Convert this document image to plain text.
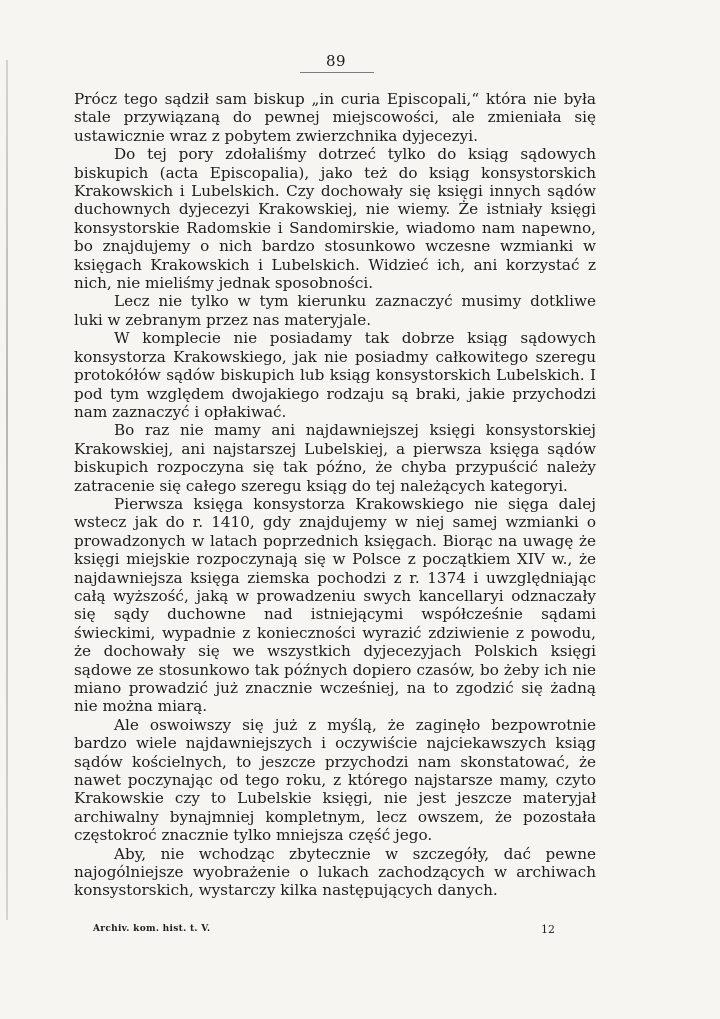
89

Prócz tego sądził sam biskup „in curia Episcopali,“ która nie była stale przywiązaną do pewnej miejscowości, ale zmieniała się ustawicznie wraz z pobytem zwierzchnika dyjecezyi.

Do tej pory zdołaliśmy dotrzeć tylko do ksiąg sądowych biskupich (acta Episcopalia), jako też do ksiąg konsystorskich Krakowskich i Lubelskich. Czy dochowały się księgi innych sądów duchownych dyjecezyi Krakowskiej, nie wiemy. Że istniały księgi konsystorskie Radomskie i Sandomirskie, wiadomo nam napewno, bo znajdujemy o nich bardzo stosunkowo wczesne wzmianki w księgach Krakowskich i Lubelskich. Widzieć ich, ani korzystać z nich, nie mieliśmy jednak sposobności.

Lecz nie tylko w tym kierunku zaznaczyć musimy dotkliwe luki w zebranym przez nas materyjale.

W komplecie nie posiadamy tak dobrze ksiąg sądowych konsystorza Krakowskiego, jak nie posiadmy całkowitego szeregu protokółów sądów biskupich lub ksiąg konsystorskich Lubelskich. I pod tym względem dwojakiego rodzaju są braki, jakie przychodzi nam zaznaczyć i opłakiwać.

Bo raz nie mamy ani najdawniejszej księgi konsystorskiej Krakowskiej, ani najstarszej Lubelskiej, a pierwsza księga sądów biskupich rozpoczyna się tak późno, że chyba przypuścić należy zatracenie się całego szeregu ksiąg do tej należących kategoryi.

Pierwsza księga konsystorza Krakowskiego nie sięga dalej wstecz jak do r. 1410, gdy znajdujemy w niej samej wzmianki o prowadzonych w latach poprzednich księgach. Biorąc na uwagę że księgi miejskie rozpoczynają się w Polsce z początkiem XIV w., że najdawniejsza księga ziemska pochodzi z r. 1374 i uwzględniając całą wyższość, jaką w prowadzeniu swych kancellaryi odznaczały się sądy duchowne nad istniejącymi współcześnie sądami świeckimi, wypadnie z konieczności wyrazić zdziwienie z powodu, że dochowały się we wszystkich dyjecezyjach Polskich księgi sądowe ze stosunkowo tak późnych dopiero czasów, bo żeby ich nie miano prowadzić już znacznie wcześniej, na to zgodzić się żadną nie można miarą.

Ale oswoiwszy się już z myślą, że zaginęło bezpowrotnie bardzo wiele najdawniejszych i oczywiście najciekawszych ksiąg sądów kościelnych, to jeszcze przychodzi nam skonstatować, że nawet poczynając od tego roku, z którego najstarsze mamy, czyto Krakowskie czy to Lubelskie księgi, nie jest jeszcze materyjał archiwalny bynajmniej kompletnym, lecz owszem, że pozostała częstokroć znacznie tylko mniejsza część jego.

Aby, nie wchodząc zbytecznie w szczegóły, dać pewne najogólniejsze wyobrażenie o lukach zachodzących w archiwach konsystorskich, wystarczy kilka następujących danych.

Archiv. kom. hist. t. V.	12
